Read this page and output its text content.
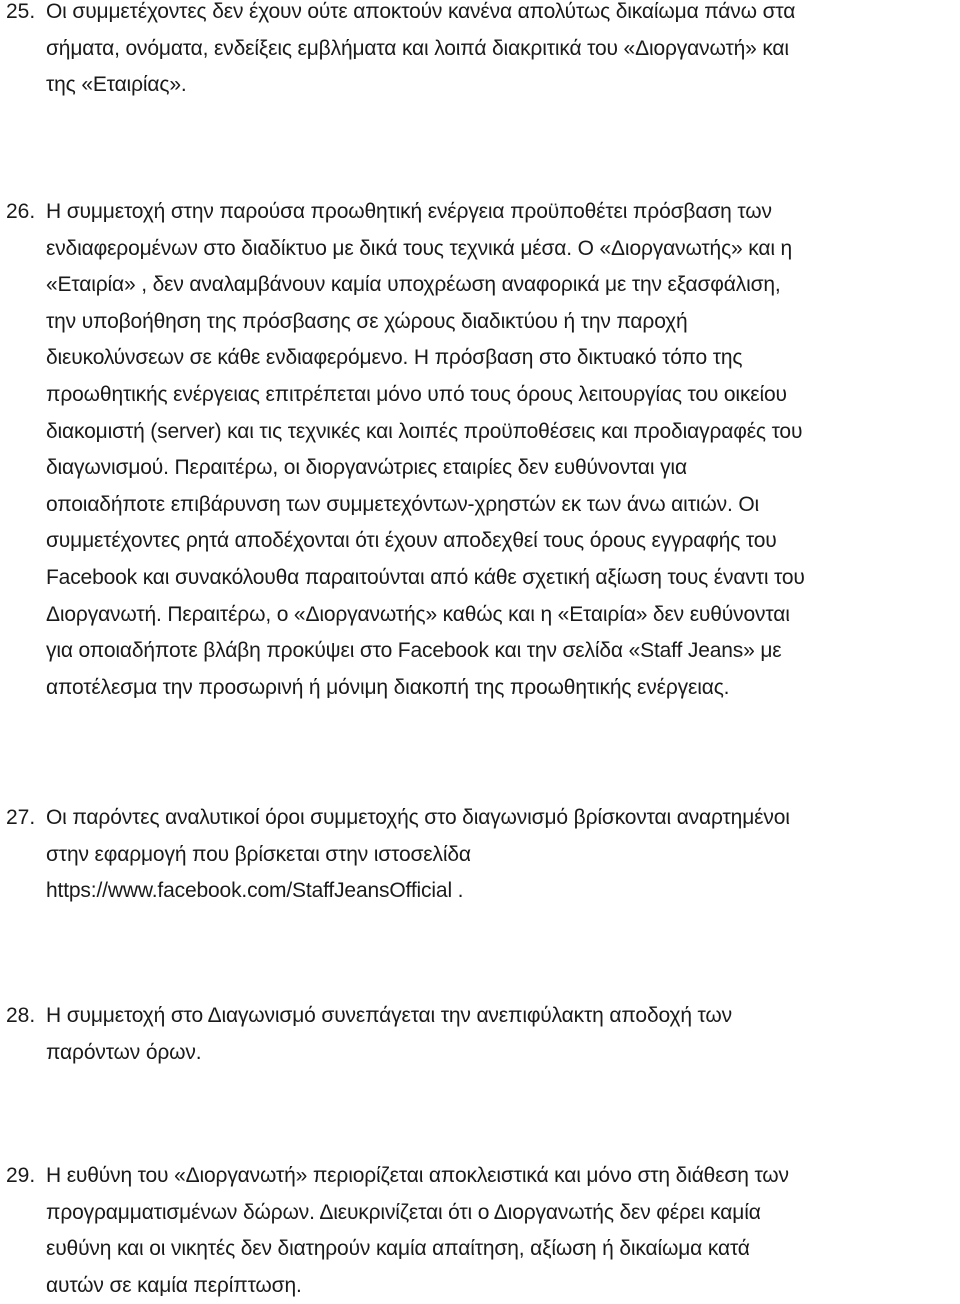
25. Οι συμμετέχοντες δεν έχουν ούτε αποκτούν κανένα απολύτως δικαίωμα πάνω στα
σήματα, ονόματα, ενδείξεις εμβλήματα και λοιπά διακριτικά του «Διοργανωτή» και
της «Εταιρίας».
26. Η συμμετοχή στην παρούσα προωθητική ενέργεια προϋποθέτει πρόσβαση των
ενδιαφερομένων στο διαδίκτυο με δικά τους τεχνικά μέσα. Ο «Διοργανωτής» και η
«Εταιρία» , δεν αναλαμβάνουν καμία υποχρέωση αναφορικά με την εξασφάλιση,
την υποβοήθηση της πρόσβασης σε χώρους διαδικτύου ή την παροχή
διευκολύνσεων σε κάθε ενδιαφερόμενο. Η πρόσβαση στο δικτυακό τόπο της
προωθητικής ενέργειας επιτρέπεται μόνο υπό τους όρους λειτουργίας του οικείου
διακομιστή (server) και τις τεχνικές και λοιπές προϋποθέσεις και προδιαγραφές του
διαγωνισμού. Περαιτέρω, οι διοργανώτριες εταιρίες δεν ευθύνονται για
οποιαδήποτε επιβάρυνση των συμμετεχόντων-χρηστών εκ των άνω αιτιών. Οι
συμμετέχοντες ρητά αποδέχονται ότι έχουν αποδεχθεί τους όρους εγγραφής του
Facebook και συνακόλουθα παραιτούνται από κάθε σχετική αξίωση τους έναντι του
Διοργανωτή. Περαιτέρω, ο «Διοργανωτής» καθώς και η «Εταιρία» δεν ευθύνονται
για οποιαδήποτε βλάβη προκύψει στο Facebook και την σελίδα «Staff Jeans» με
αποτέλεσμα την προσωρινή ή μόνιμη διακοπή της προωθητικής ενέργειας.
27. Οι παρόντες αναλυτικοί όροι συμμετοχής στο διαγωνισμό βρίσκονται αναρτημένοι
στην εφαρμογή που βρίσκεται στην ιστοσελίδα
https://www.facebook.com/StaffJeansOfficial .
28. Η συμμετοχή στο Διαγωνισμό συνεπάγεται την ανεπιφύλακτη αποδοχή των
παρόντων όρων.
29. Η ευθύνη του «Διοργανωτή» περιορίζεται αποκλειστικά και μόνο στη διάθεση των
προγραμματισμένων δώρων. Διευκρινίζεται ότι ο Διοργανωτής δεν φέρει καμία
ευθύνη και οι νικητές δεν διατηρούν καμία απαίτηση, αξίωση ή δικαίωμα κατά
αυτών σε καμία περίπτωση.
